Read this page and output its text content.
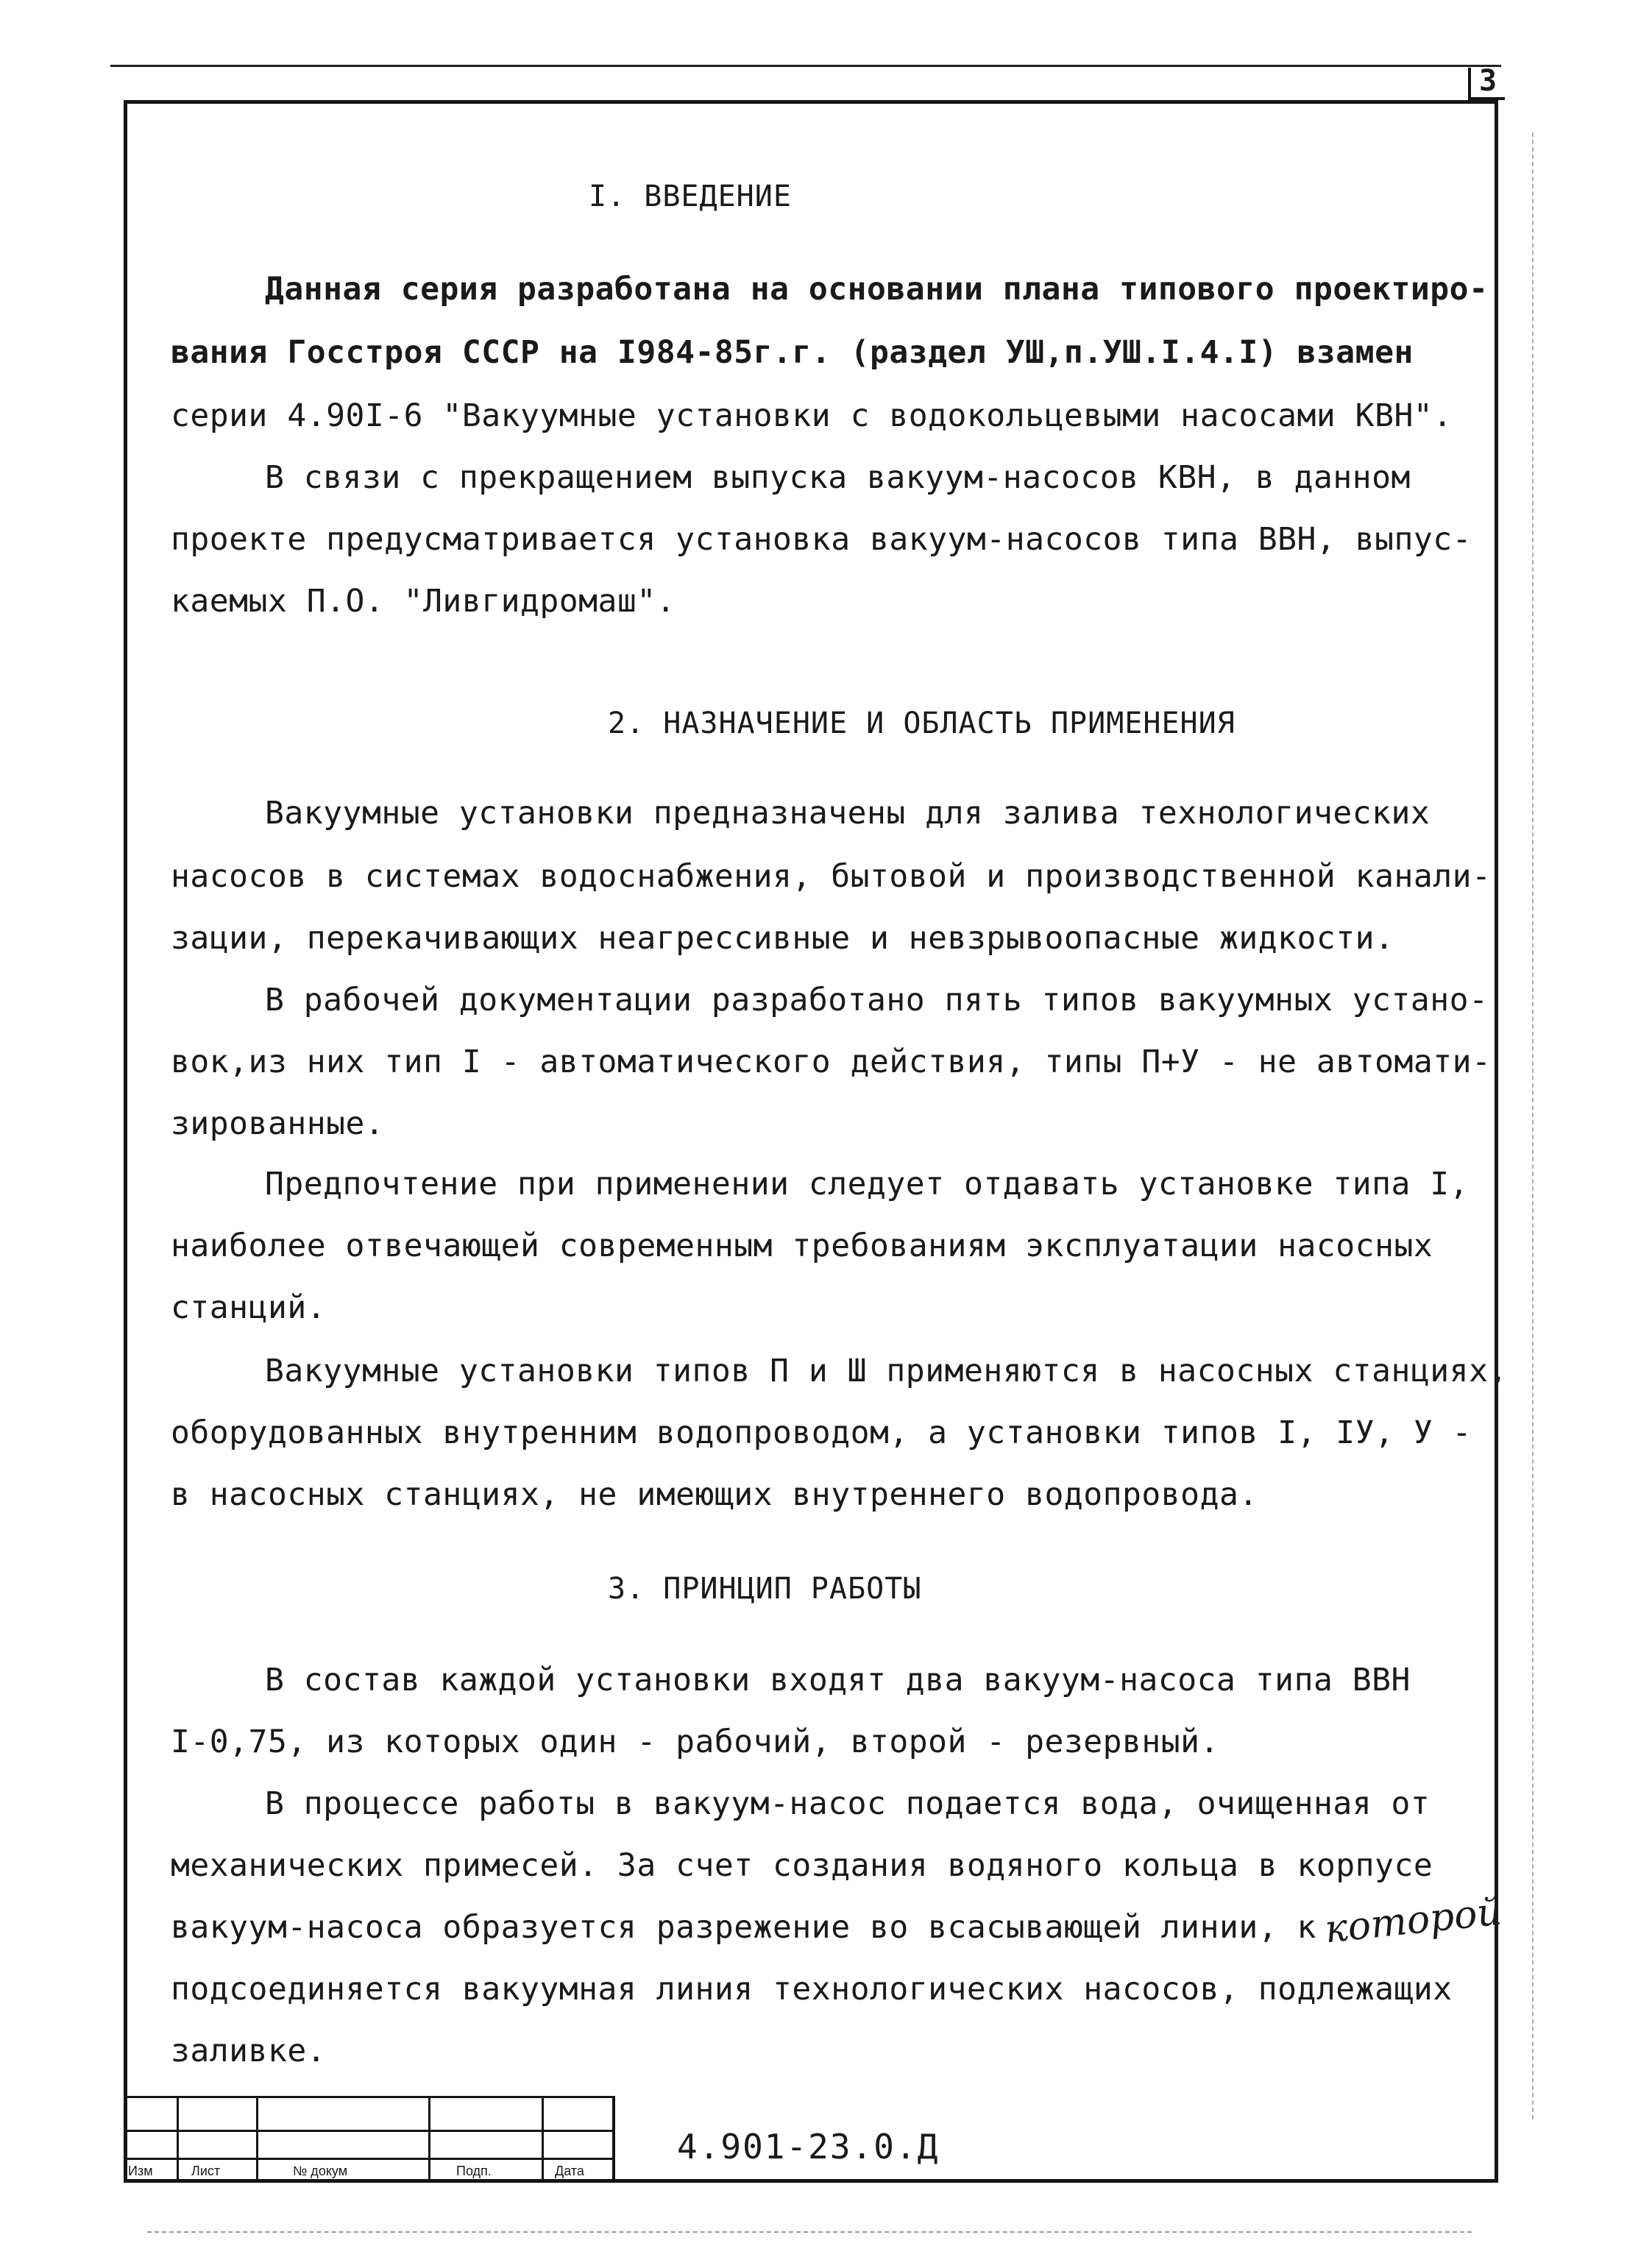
3
I. ВВЕДЕНИЕ
Данная серия разработана на основании плана типового проектиро-
вания Госстроя СССР на I984-85г.г. (раздел УШ,п.УШ.I.4.I) взамен
серии 4.90I-6 "Вакуумные установки с водокольцевыми насосами КВН".
В связи с прекращением выпуска вакуум-насосов КВН, в данном
проекте предусматривается установка вакуум-насосов типа ВВН, выпус-
каемых П.О. "Ливгидромаш".
2. НАЗНАЧЕНИЕ И ОБЛАСТЬ ПРИМЕНЕНИЯ
Вакуумные установки предназначены для залива технологических
насосов в системах водоснабжения, бытовой и производственной канали-
зации, перекачивающих неагрессивные и невзрывоопасные жидкости.
В рабочей документации разработано пять типов вакуумных устано-
вок,из них тип I - автоматического действия, типы П+У - не автомати-
зированные.
Предпочтение при применении следует отдавать установке типа I,
наиболее отвечающей современным требованиям эксплуатации насосных
станций.
Вакуумные установки типов П и Ш применяются в насосных станциях,
оборудованных внутренним водопроводом, а установки типов I, IУ, У -
в насосных станциях, не имеющих внутреннего водопровода.
3. ПРИНЦИП РАБОТЫ
В состав каждой установки входят два вакуум-насоса типа ВВН
I-0,75, из которых один - рабочий, второй - резервный.
В процессе работы в вакуум-насос подается вода, очищенная от
механических примесей. За счет создания водяного кольца в корпусе
вакуум-насоса образуется разрежение во всасывающей линии, к которой
подсоединяется вакуумная линия технологических насосов, подлежащих
заливке.
Изм	Лист	№ докум	Подп.	Дата
4.901-23.0.Д
